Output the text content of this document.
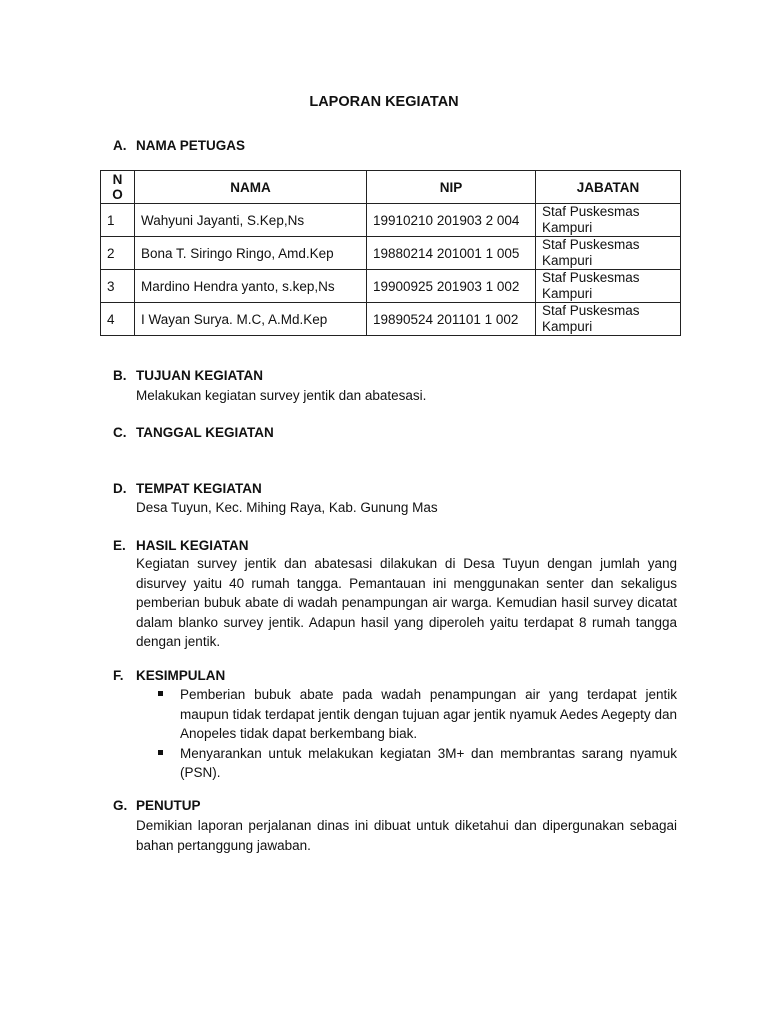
LAPORAN KEGIATAN
A. NAMA PETUGAS
N
O	NAMA	NIP	JABATAN
1	Wahyuni Jayanti, S.Kep,Ns	19910210 201903 2 004	Staf Puskesmas
Kampuri
2	Bona T. Siringo Ringo, Amd.Kep	19880214 201001 1 005	Staf Puskesmas
Kampuri
3	Mardino Hendra yanto, s.kep,Ns	19900925 201903 1 002	Staf Puskesmas
Kampuri
4	I Wayan Surya. M.C, A.Md.Kep	19890524 201101 1 002	Staf Puskesmas
Kampuri
B. TUJUAN KEGIATAN
Melakukan kegiatan survey jentik dan abatesasi.
C. TANGGAL KEGIATAN
D. TEMPAT KEGIATAN
Desa Tuyun, Kec. Mihing Raya, Kab. Gunung Mas
E. HASIL KEGIATAN
Kegiatan survey jentik dan abatesasi dilakukan di Desa Tuyun dengan jumlah yang disurvey yaitu 40 rumah tangga. Pemantauan ini menggunakan senter dan sekaligus pemberian bubuk abate di wadah penampungan air warga. Kemudian hasil survey dicatat dalam blanko survey jentik. Adapun hasil yang diperoleh yaitu terdapat 8 rumah tangga dengan jentik.
F. KESIMPULAN
Pemberian bubuk abate pada wadah penampungan air yang terdapat jentik maupun tidak terdapat jentik dengan tujuan agar jentik nyamuk Aedes Aegepty dan Anopeles tidak dapat berkembang biak.
Menyarankan untuk melakukan kegiatan 3M+ dan membrantas sarang nyamuk (PSN).
G. PENUTUP
Demikian laporan perjalanan dinas ini dibuat untuk diketahui dan dipergunakan sebagai bahan pertanggung jawaban.
